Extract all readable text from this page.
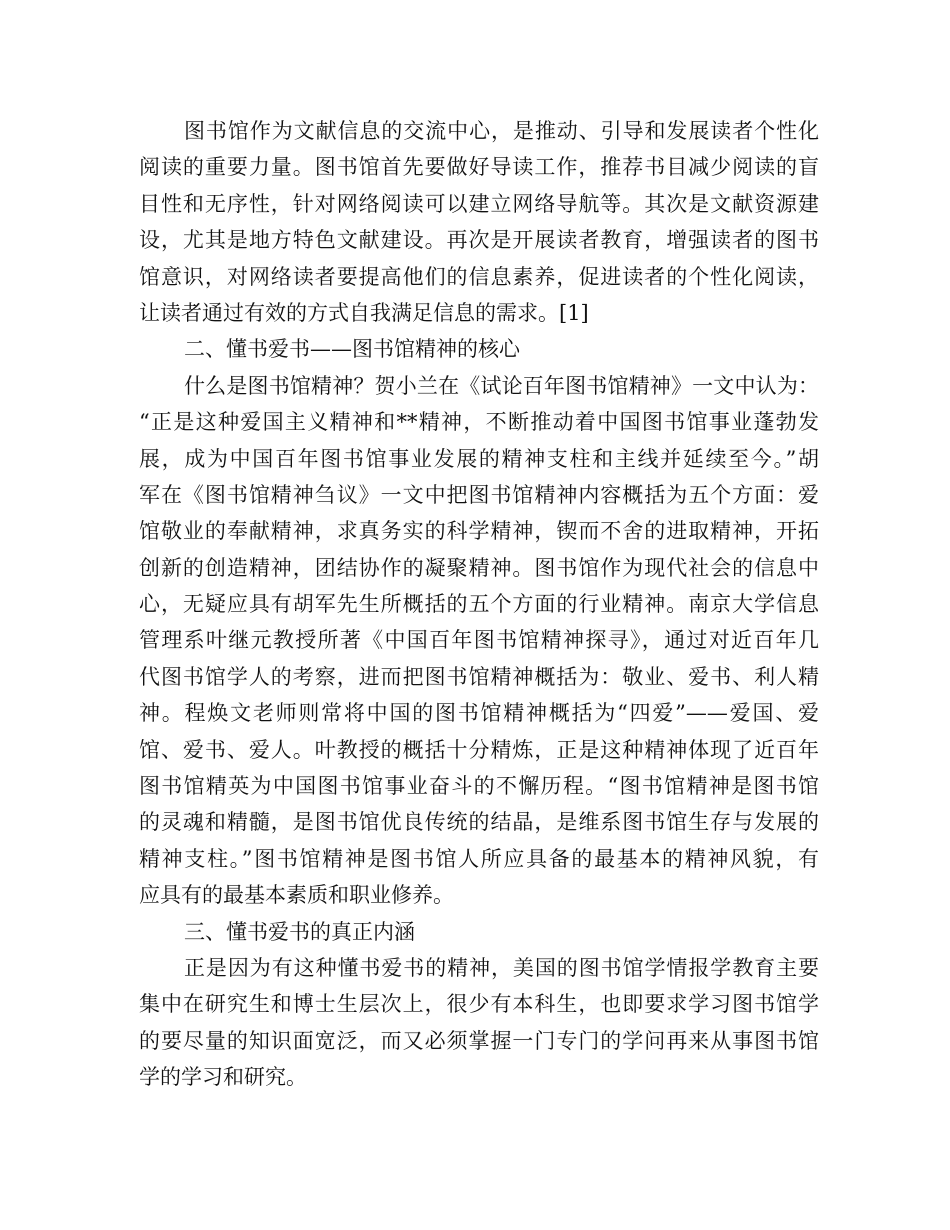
图书馆作为文献信息的交流中心，是推动、引导和发展读者个性化
阅读的重要力量。图书馆首先要做好导读工作，推荐书目减少阅读的盲
目性和无序性，针对网络阅读可以建立网络导航等。其次是文献资源建
设，尤其是地方特色文献建设。再次是开展读者教育，增强读者的图书
馆意识，对网络读者要提高他们的信息素养，促进读者的个性化阅读，
让读者通过有效的方式自我满足信息的需求。[1]
二、懂书爱书——图书馆精神的核心
什么是图书馆精神？贺小兰在《试论百年图书馆精神》一文中认为：
“正是这种爱国主义精神和**精神，不断推动着中国图书馆事业蓬勃发
展，成为中国百年图书馆事业发展的精神支柱和主线并延续至今。”胡
军在《图书馆精神刍议》一文中把图书馆精神内容概括为五个方面：爱
馆敬业的奉献精神，求真务实的科学精神，锲而不舍的进取精神，开拓
创新的创造精神，团结协作的凝聚精神。图书馆作为现代社会的信息中
心，无疑应具有胡军先生所概括的五个方面的行业精神。南京大学信息
管理系叶继元教授所著《中国百年图书馆精神探寻》，通过对近百年几
代图书馆学人的考察，进而把图书馆精神概括为：敬业、爱书、利人精
神。程焕文老师则常将中国的图书馆精神概括为“四爱”——爱国、爱
馆、爱书、爱人。叶教授的概括十分精炼，正是这种精神体现了近百年
图书馆精英为中国图书馆事业奋斗的不懈历程。“图书馆精神是图书馆
的灵魂和精髓，是图书馆优良传统的结晶，是维系图书馆生存与发展的
精神支柱。”图书馆精神是图书馆人所应具备的最基本的精神风貌，有
应具有的最基本素质和职业修养。
三、懂书爱书的真正内涵
正是因为有这种懂书爱书的精神，美国的图书馆学情报学教育主要
集中在研究生和博士生层次上，很少有本科生，也即要求学习图书馆学
的要尽量的知识面宽泛，而又必须掌握一门专门的学问再来从事图书馆
学的学习和研究。
